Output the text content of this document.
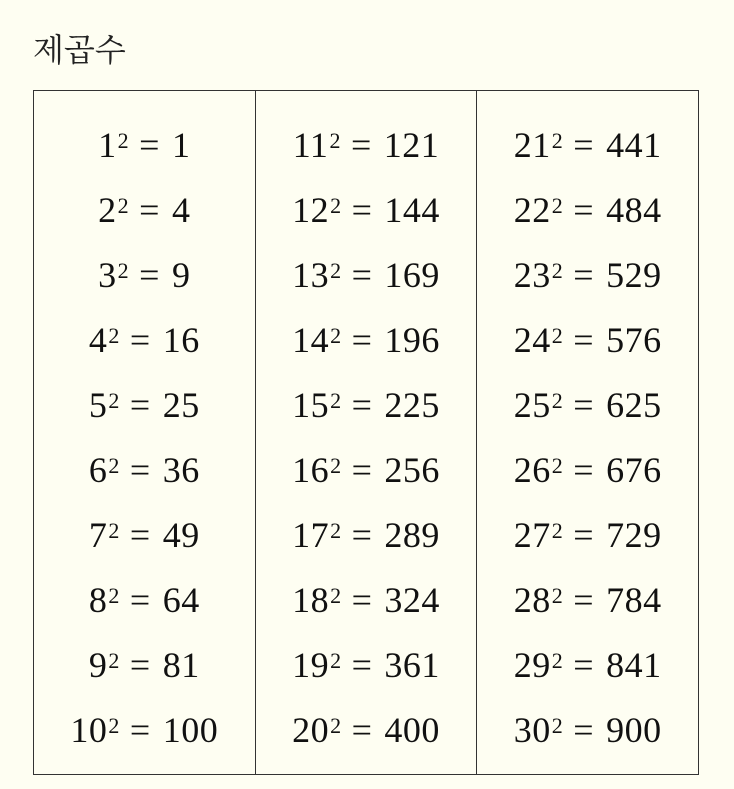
제곱수
$1^2 = 1$
$2^2 = 4$
$3^2 = 9$
$4^2 = 16$
$5^2 = 25$
$6^2 = 36$
$7^2 = 49$
$8^2 = 64$
$9^2 = 81$
$10^2 = 100$
$11^2 = 121$
$12^2 = 144$
$13^2 = 169$
$14^2 = 196$
$15^2 = 225$
$16^2 = 256$
$17^2 = 289$
$18^2 = 324$
$19^2 = 361$
$20^2 = 400$
$21^2 = 441$
$22^2 = 484$
$23^2 = 529$
$24^2 = 576$
$25^2 = 625$
$26^2 = 676$
$27^2 = 729$
$28^2 = 784$
$29^2 = 841$
$30^2 = 900$
